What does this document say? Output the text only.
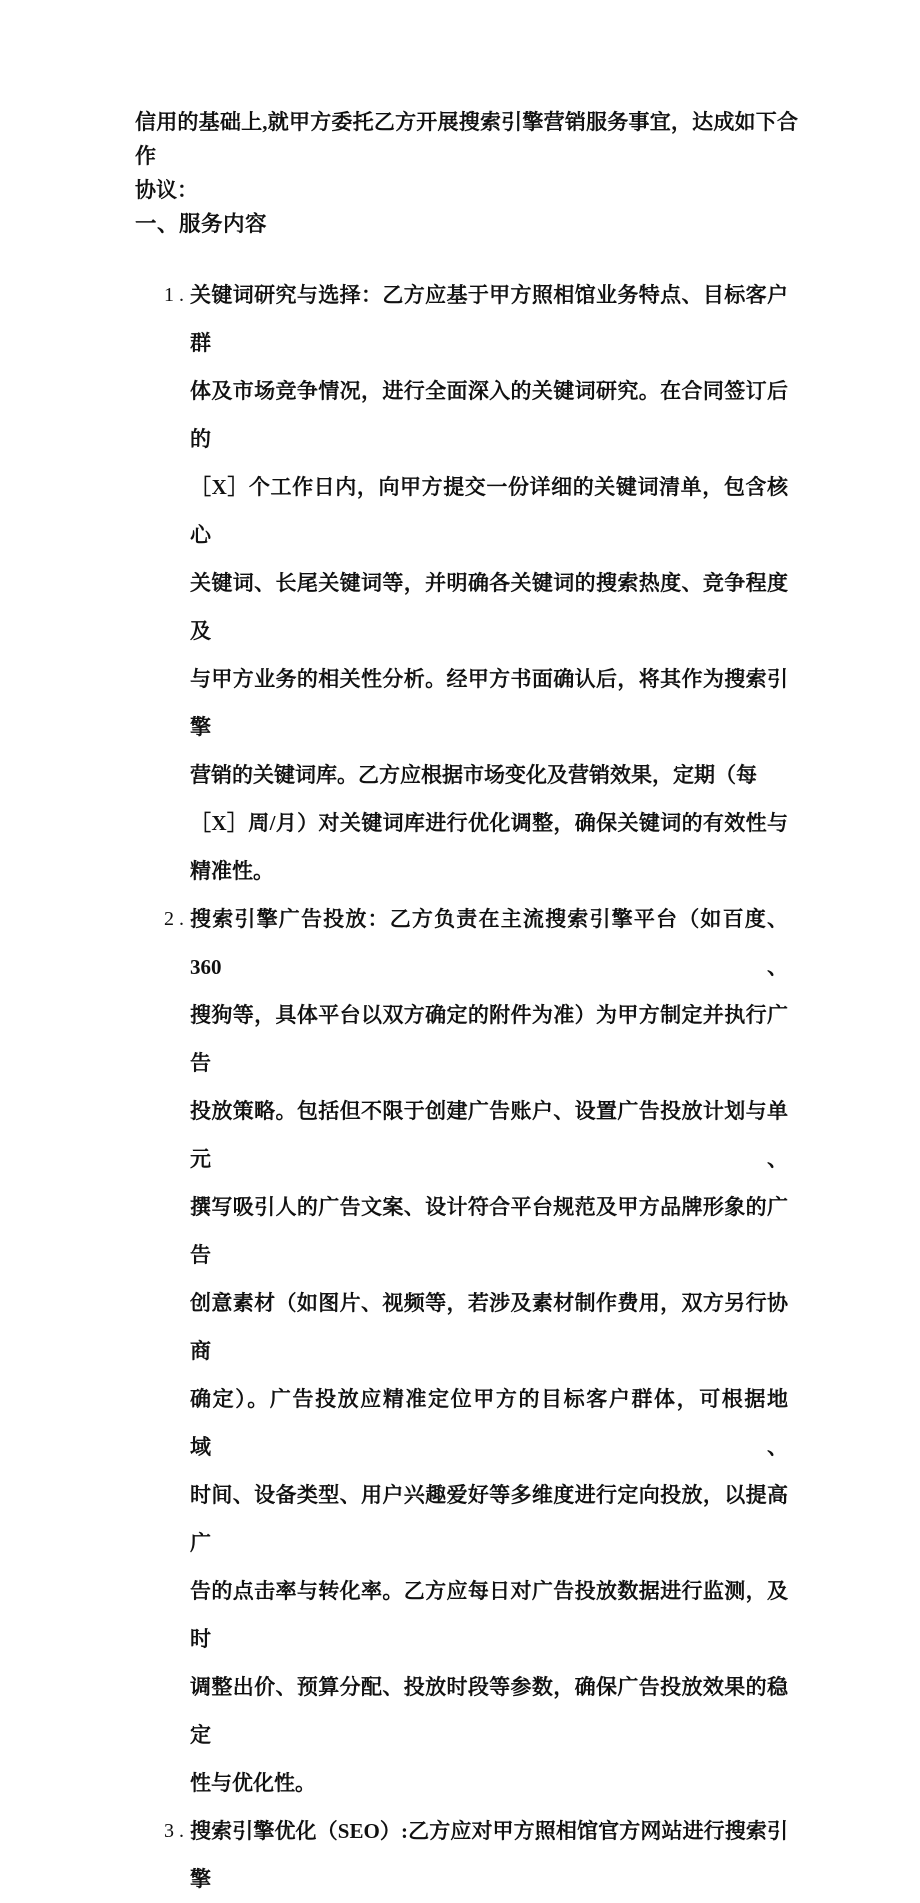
信用的基础上,就甲方委托乙方开展搜索引擎营销服务事宜，达成如下合作
协议：
一、服务内容
1 . 关键词研究与选择：乙方应基于甲方照相馆业务特点、目标客户群
体及市场竞争情况，进行全面深入的关键词研究。在合同签订后的
［X］个工作日内，向甲方提交一份详细的关键词清单，包含核心
关键词、长尾关键词等，并明确各关键词的搜索热度、竞争程度及
与甲方业务的相关性分析。经甲方书面确认后，将其作为搜索引擎
营销的关键词库。乙方应根据市场变化及营销效果，定期（每
［X］周/月）对关键词库进行优化调整，确保关键词的有效性与
精准性。
2 . 搜索引擎广告投放：乙方负责在主流搜索引擎平台（如百度、360、
搜狗等，具体平台以双方确定的附件为准）为甲方制定并执行广告
投放策略。包括但不限于创建广告账户、设置广告投放计划与单元、
撰写吸引人的广告文案、设计符合平台规范及甲方品牌形象的广告
创意素材（如图片、视频等，若涉及素材制作费用，双方另行协商
确定）。广告投放应精准定位甲方的目标客户群体，可根据地域、
时间、设备类型、用户兴趣爱好等多维度进行定向投放，以提高广
告的点击率与转化率。乙方应每日对广告投放数据进行监测，及时
调整出价、预算分配、投放时段等参数，确保广告投放效果的稳定
性与优化性。
3 . 搜索引擎优化（SEO）:乙方应对甲方照相馆官方网站进行搜索引擎
